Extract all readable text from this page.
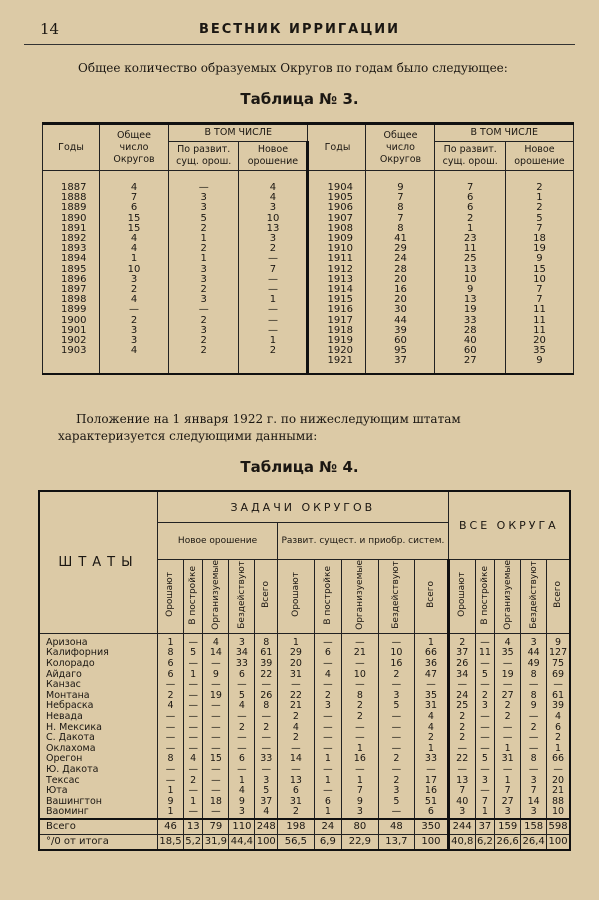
14	ВЕСТНИК ИРРИГАЦИИ
Общее количество образуемых Округов по годам было следующее:
Таблица № 3.
Годы	Общее число Округов	В ТОМ ЧИСЛЕ		Годы	Общее число Округов	В ТОМ ЧИСЛЕ	
		По развит. сущ. орош.	Новое орошение			По развит. сущ. орош.	Новое орошение
1887	4	—	4	1904	9	7	2
1888	7	3	4	1905	7	6	1
1889	6	3	3	1906	8	6	2
1890	15	5	10	1907	7	2	5
1891	15	2	13	1908	8	1	7
1892	4	1	3	1909	41	23	18
1893	4	2	2	1910	29	11	19
1894	1	1	—	1911	24	25	9
1895	10	3	7	1912	28	13	15
1896	3	3	—	1913	20	10	10
1897	2	2	—	1914	16	9	7
1898	4	3	1	1915	20	13	7
1899	—	—	—	1916	30	19	11
1900	2	2	—	1917	44	33	11
1901	3	3	—	1918	39	28	11
1902	3	2	1	1919	60	40	20
1903	4	2	2	1920	95	60	35
				1921	37	27	9
Положение на 1 января 1922 г. по нижеследующим штатам характеризуется следующими данными:
Таблица № 4.
ШТАТЫ	ЗАДАЧИ ОКРУГОВ										ВСЕ ОКРУГА				
	Новое орошение					Развит. сущест. и приобр. систем.									
	Орошают	В постройке	Организуемые	Бездействуют	Всего	Орошают	В постройке	Организуемые	Бездействуют	Всего	Орошают	В постройке	Организуемые	Бездействуют	Всего
Аризона	1	—	4	3	8	1	—	—	—	1	2	—	4	3	9
Калифорния	8	5	14	34	61	29	6	21	10	66	37	11	35	44	127
Колорадо	6	—	—	33	39	20	—	—	16	36	26	—	—	49	75
Айдаго	6	1	9	6	22	31	4	10	2	47	34	5	19	8	69
Канзас	—	—	—	—	—	—	—	—	—	—	—	—	—	—	—
Монтана	2	—	19	5	26	22	2	8	3	35	24	2	27	8	61
Небраска	4	—	—	4	8	21	3	2	5	31	25	3	2	9	39
Невада	—	—	—	—	—	2	—	2	—	4	2	—	2	—	4
Н. Мексика	—	—	—	2	2	4	—	—	—	4	2	—	—	2	6
С. Дакота	—	—	—	—	—	2	—	—	—	2	2	—	—	—	2
Оклахома	—	—	—	—	—	—	—	1	—	1	—	—	1	—	1
Орегон	8	4	15	6	33	14	1	16	2	33	22	5	31	8	66
Ю. Дакота	—	—	—	—	—	—	—	—	—	—	—	—	—	—	—
Тексас	—	2	—	1	3	13	1	1	2	17	13	3	1	3	20
Юта	1	—	—	4	5	6	—	7	3	16	7	—	7	7	21
Вашингтон	9	1	18	9	37	31	6	9	5	51	40	7	27	14	88
Ваоминг	1	—	—	3	4	2	1	3	—	6	3	1	3	3	10
Всего	46	13	79	110	248	198	24	80	48	350	244	37	159	158	598
°/0 от итога	18,5	5,2	31,9	44,4	100	56,5	6,9	22,9	13,7	100	40,8	6,2	26,6	26,4	100
